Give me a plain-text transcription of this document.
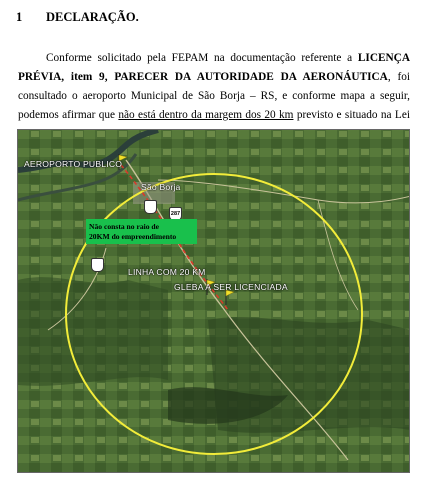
1	DECLARAÇÃO.
Conforme solicitado pela FEPAM na documentação referente a LICENÇA PRÉVIA, item 9, PARECER DA AUTORIDADE DA AERONÁUTICA, foi consultado o aeroporto Municipal de São Borja – RS, e conforme mapa a seguir, podemos afirmar que não está dentro da margem dos 20 km previsto e situado na Lei
AEROPORTO PUBLICO
São Borja
LINHA COM 20 KM
GLEBA A SER LICENCIADA
287
Não consta no raio de
20KM do empreendimento
